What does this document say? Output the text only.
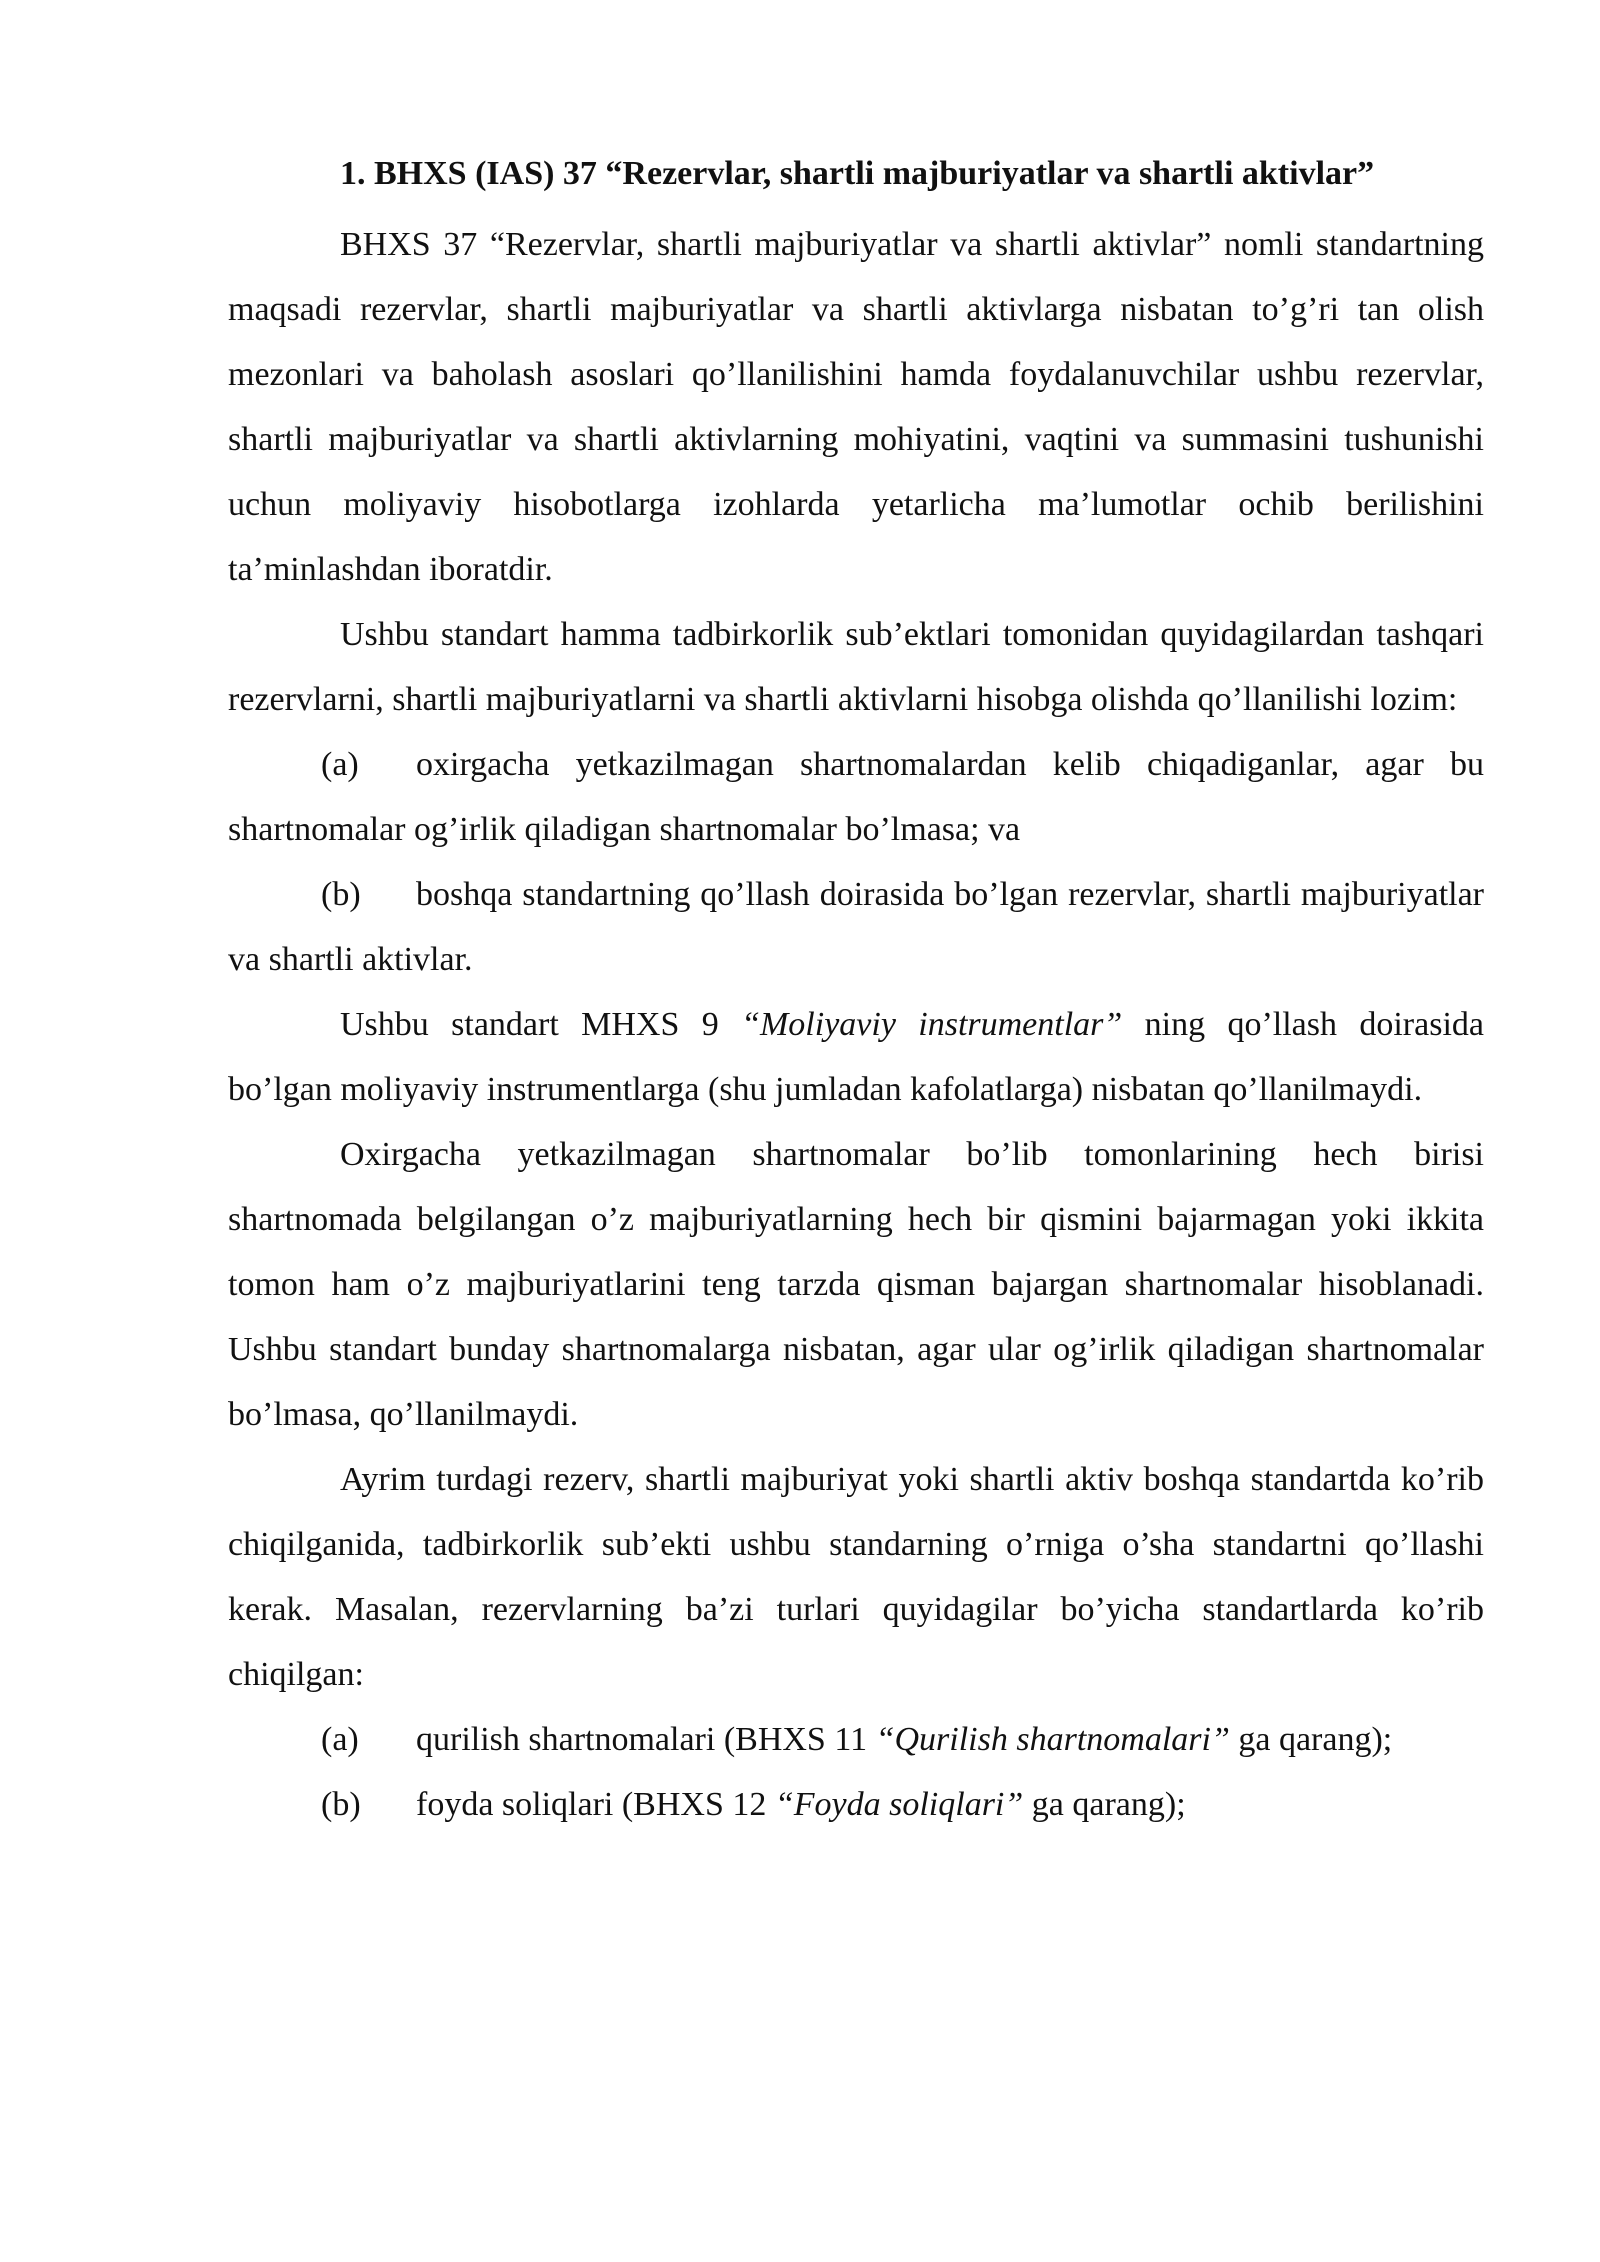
1. BHXS (IAS) 37 “Rezervlar, shartli majburiyatlar va shartli aktivlar”

BHXS 37 “Rezervlar, shartli majburiyatlar va shartli aktivlar” nomli standartning maqsadi rezervlar, shartli majburiyatlar va shartli aktivlarga nisbatan to’g’ri tan olish mezonlari va baholash asoslari qo’llanilishini hamda foydalanuvchilar ushbu rezervlar, shartli majburiyatlar va shartli aktivlarning mohiyatini, vaqtini va summasini tushunishi uchun moliyaviy hisobotlarga izohlarda yetarlicha ma’lumotlar ochib berilishini ta’minlashdan iboratdir.

Ushbu standart hamma tadbirkorlik sub’ektlari tomonidan quyidagilardan tashqari rezervlarni, shartli majburiyatlarni va shartli aktivlarni hisobga olishda qo’llanilishi lozim:

(a) oxirgacha yetkazilmagan shartnomalardan kelib chiqadiganlar, agar bu shartnomalar og’irlik qiladigan shartnomalar bo’lmasa; va

(b) boshqa standartning qo’llash doirasida bo’lgan rezervlar, shartli majburiyatlar va shartli aktivlar.

Ushbu standart MHXS 9 “Moliyaviy instrumentlar” ning qo’llash doirasida bo’lgan moliyaviy instrumentlarga (shu jumladan kafolatlarga) nisbatan qo’llanilmaydi.

Oxirgacha yetkazilmagan shartnomalar bo’lib tomonlarining hech birisi shartnomada belgilangan o’z majburiyatlarning hech bir qismini bajarmagan yoki ikkita tomon ham o’z majburiyatlarini teng tarzda qisman bajargan shartnomalar hisoblanadi. Ushbu standart bunday shartnomalarga nisbatan, agar ular og’irlik qiladigan shartnomalar bo’lmasa, qo’llanilmaydi.

Ayrim turdagi rezerv, shartli majburiyat yoki shartli aktiv boshqa standartda ko’rib chiqilganida, tadbirkorlik sub’ekti ushbu standarning o’rniga o’sha standartni qo’llashi kerak. Masalan, rezervlarning ba’zi turlari quyidagilar bo’yicha standartlarda ko’rib chiqilgan:

(a) qurilish shartnomalari (BHXS 11 “Qurilish shartnomalari” ga qarang);

(b) foyda soliqlari (BHXS 12 “Foyda soliqlari” ga qarang);
